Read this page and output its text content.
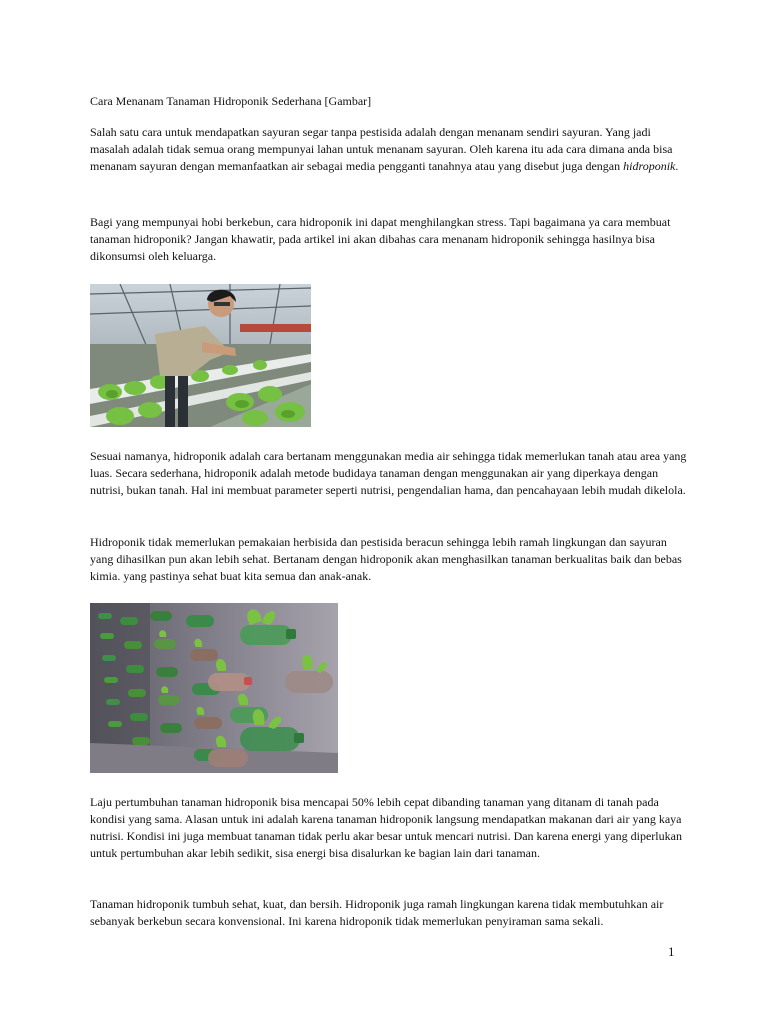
Cara Menanam Tanaman Hidroponik Sederhana [Gambar]

Salah satu cara untuk mendapatkan sayuran segar tanpa pestisida adalah dengan menanam sendiri sayuran. Yang jadi masalah adalah tidak semua orang mempunyai lahan untuk menanam sayuran. Oleh karena itu ada cara dimana anda bisa menanam sayuran dengan memanfaatkan air sebagai media pengganti tanahnya atau yang disebut juga dengan hidroponik.

Bagi yang mempunyai hobi berkebun, cara hidroponik ini dapat menghilangkan stress. Tapi bagaimana ya cara membuat tanaman hidroponik? Jangan khawatir, pada artikel ini akan dibahas cara menanam hidroponik sehingga hasilnya bisa dikonsumsi oleh keluarga.

Sesuai namanya, hidroponik adalah cara bertanam menggunakan media air sehingga tidak memerlukan tanah atau area yang luas. Secara sederhana, hidroponik adalah metode budidaya tanaman dengan menggunakan air yang diperkaya dengan nutrisi, bukan tanah. Hal ini membuat parameter seperti nutrisi, pengendalian hama, dan pencahayaan lebih mudah dikelola.

Hidroponik tidak memerlukan pemakaian herbisida dan pestisida beracun sehingga lebih ramah lingkungan dan sayuran yang dihasilkan pun akan lebih sehat. Bertanam dengan hidroponik akan menghasilkan tanaman berkualitas baik dan bebas kimia. yang pastinya sehat buat kita semua dan anak-anak.

Laju pertumbuhan tanaman hidroponik bisa mencapai 50% lebih cepat dibanding tanaman yang ditanam di tanah pada kondisi yang sama. Alasan untuk ini adalah karena tanaman hidroponik langsung mendapatkan makanan dari air yang kaya nutrisi. Kondisi ini juga membuat tanaman tidak perlu akar besar untuk mencari nutrisi. Dan karena energi yang diperlukan untuk pertumbuhan akar lebih sedikit, sisa energi bisa disalurkan ke bagian lain dari tanaman.

Tanaman hidroponik tumbuh sehat, kuat, dan bersih. Hidroponik juga ramah lingkungan karena tidak membutuhkan air sebanyak berkebun secara konvensional. Ini karena hidroponik tidak memerlukan penyiraman sama sekali.

1
